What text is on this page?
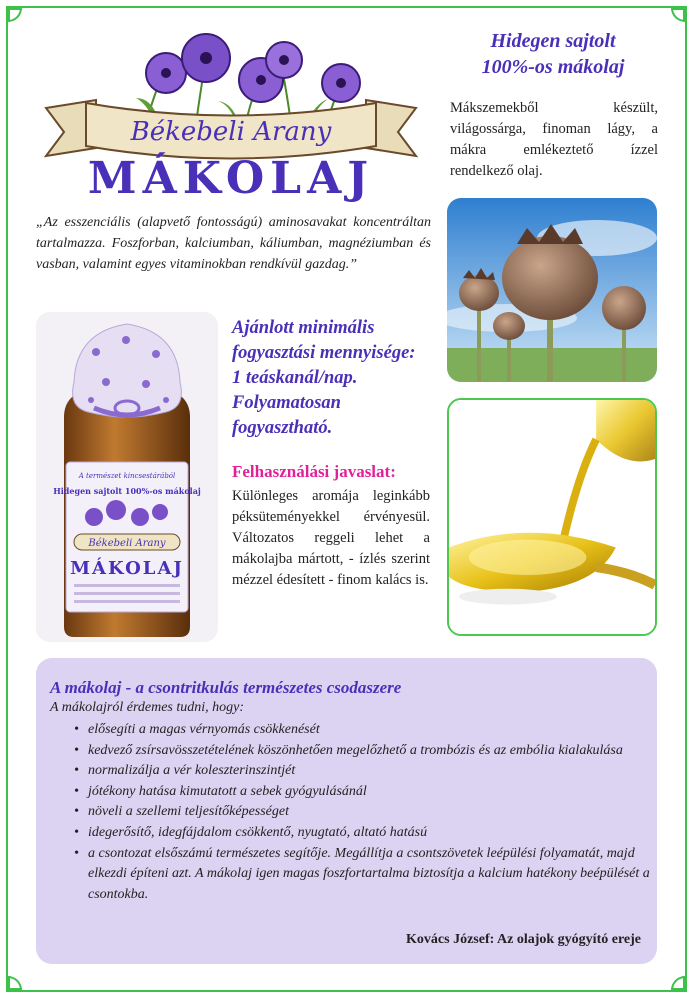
Békebeli Arany
MÁKOLAJ
Hidegen sajtolt
100%-os mákolaj
Mákszemekből készült, világossárga, finoman lágy, a mákra emlékeztető ízzel rendelkező olaj.
„Az esszenciális (alapvető fontosságú) aminosavakat koncentráltan tartalmazza. Foszforban, kalciumban, káliumban, magnéziumban és vasban, valamint egyes vitaminokban rendkívül gazdag.”
A természet kincsestárából
Hidegen sajtolt 100%-os mákolaj
Békebeli Arany
MÁKOLAJ
Ajánlott minimális fogyasztási mennyisége:
1 teáskanál/nap.
Folyamatosan fogyasztható.
Felhasználási javaslat:
Különleges aromája leginkább péksüteményekkel érvényesül. Változatos reggeli lehet a mákolajba mártott, - ízlés szerint mézzel édesített - finom kalács is.
A mákolaj - a csontritkulás természetes csodaszere
A mákolajról érdemes tudni, hogy:
• elősegíti a magas vérnyomás csökkenését
• kedvező zsírsavösszetételének köszönhetően megelőzhető a trombózis és az embólia kialakulása
• normalizálja a vér koleszterinszintjét
• jótékony hatása kimutatott a sebek gyógyulásánál
• növeli a szellemi teljesítőképességet
• idegerősítő, idegfájdalom csökkentő, nyugtató, altató hatású
• a csontozat elsőszámú természetes segítője. Megállítja a csontszövetek leépülési folyamatát, majd elkezdi építeni azt. A mákolaj igen magas foszfortartalma biztosítja a kalcium hatékony beépülését a csontokba.
Kovács József: Az olajok gyógyító ereje
